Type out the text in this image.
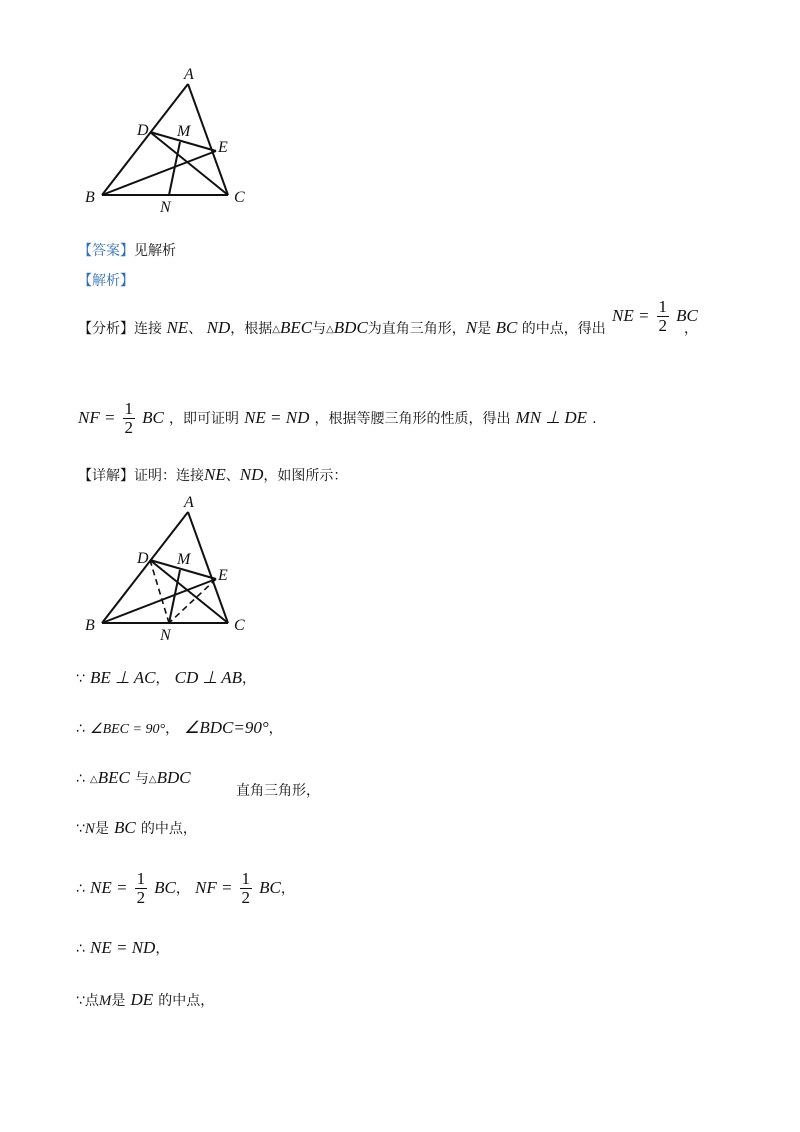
A
B	C
D
E
M
N
【答案】见解析
【解析】
【分析】连接 NE、 ND，根据△BEC与△BDC为直角三角形，N是 BC 的中点，得出
NE = $\frac{1}{2}$ BC
，
NF = $\frac{1}{2}$ BC ，即可证明 NE = ND ，根据等腰三角形的性质，得出 MN ⊥ DE .
【详解】证明：连接NE、ND，如图所示：
A
B	C
D
E
M
N
∵ BE ⊥ AC， CD ⊥ AB，
∴ ∠BEC = 90°， ∠BDC=90°，
∴ △BEC 与△BDC
直角三角形，
∵N是 BC 的中点，
∴ NE = $\frac{1}{2}$ BC， NF = $\frac{1}{2}$ BC，
∴ NE = ND，
∵点M是 DE 的中点，
